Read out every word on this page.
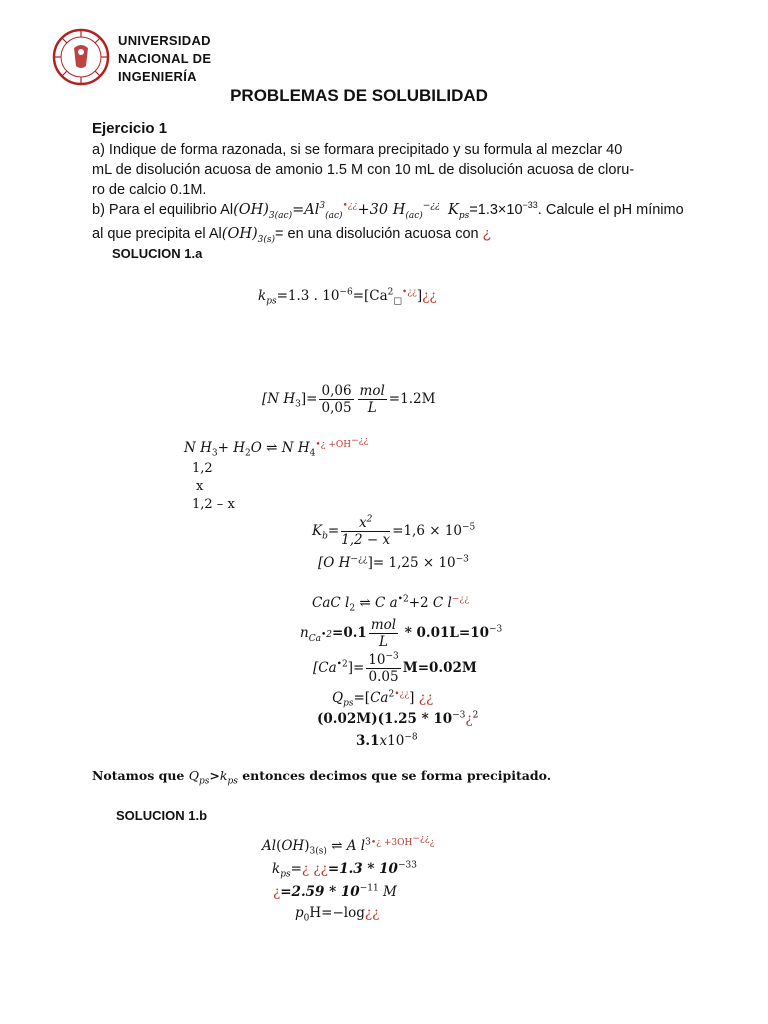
UNIVERSIDAD
NACIONAL DE
INGENIERÍA
PROBLEMAS DE SOLUBILIDAD
Ejercicio 1
a) Indique de forma razonada, si se formara precipitado y su formula al mezclar 40
mL de disolución acuosa de amonio 1.5 M con 10 mL de disolución acuosa de cloru-
ro de calcio 0.1M.
b) Para el equilibrio $Al(OH)_{3(ac)}=Al^3_{(ac)}^{•¿¿}+30$ $H_{(ac)}^{-¿¿}$ $K_{ps}=1.3\times 10^{-33}$. Calcule el pH mínimo
al que precipita el $Al(OH)_{3(s)}=$ en una disolución acuosa con ¿
SOLUCION 1.a
$k_{ps}=1.3$ . $10^{-6}=[Ca^2_□^{•¿¿}]¿¿$
[N $H_3]= \frac{0,06}{0,05} \frac{\text{mol}}{L} =1.2M$
N $H_3+ H_2O$ ⇌ N $H_4^{•¿ +OH^{-¿¿}}$
1,2
x
1,2 – x
$K_b= \frac{x^2}{1,2 - x} =1,6 \times 10^{-5}$
[O $H^{-¿¿}]= 1,25 \times 10^{-3}$
CaC $l_2$ ⇌ C $a^{•2}+2$ C l−¿¿
$n_{Ca^{•2}}=0.1 \frac{\text{mol}}{L} * 0.01L=10^{-3}$
$[Ca^{•2}]= \frac{10^{-3}}{0.05} M=0.02M$
$Q_{ps}=[Ca^{2•¿¿}]$ ¿¿
$(0.02M)(1.25 * 10^{-3}¿^2$
$3.1x10^{-8}$
Notamos que $Q_{ps}>k_{ps}$ entonces decimos que se forma precipitado.
SOLUCION 1.b
$Al(OH)_{3(s)}$ ⇌ A $l^{3•¿ +3OH^{-¿¿}¿}$
$k_{ps}=¿$ ¿¿$=1.3 * 10^{-33}$
¿$=2.59 * 10^{-11}$ M
$p_0H=-\log¿¿$
